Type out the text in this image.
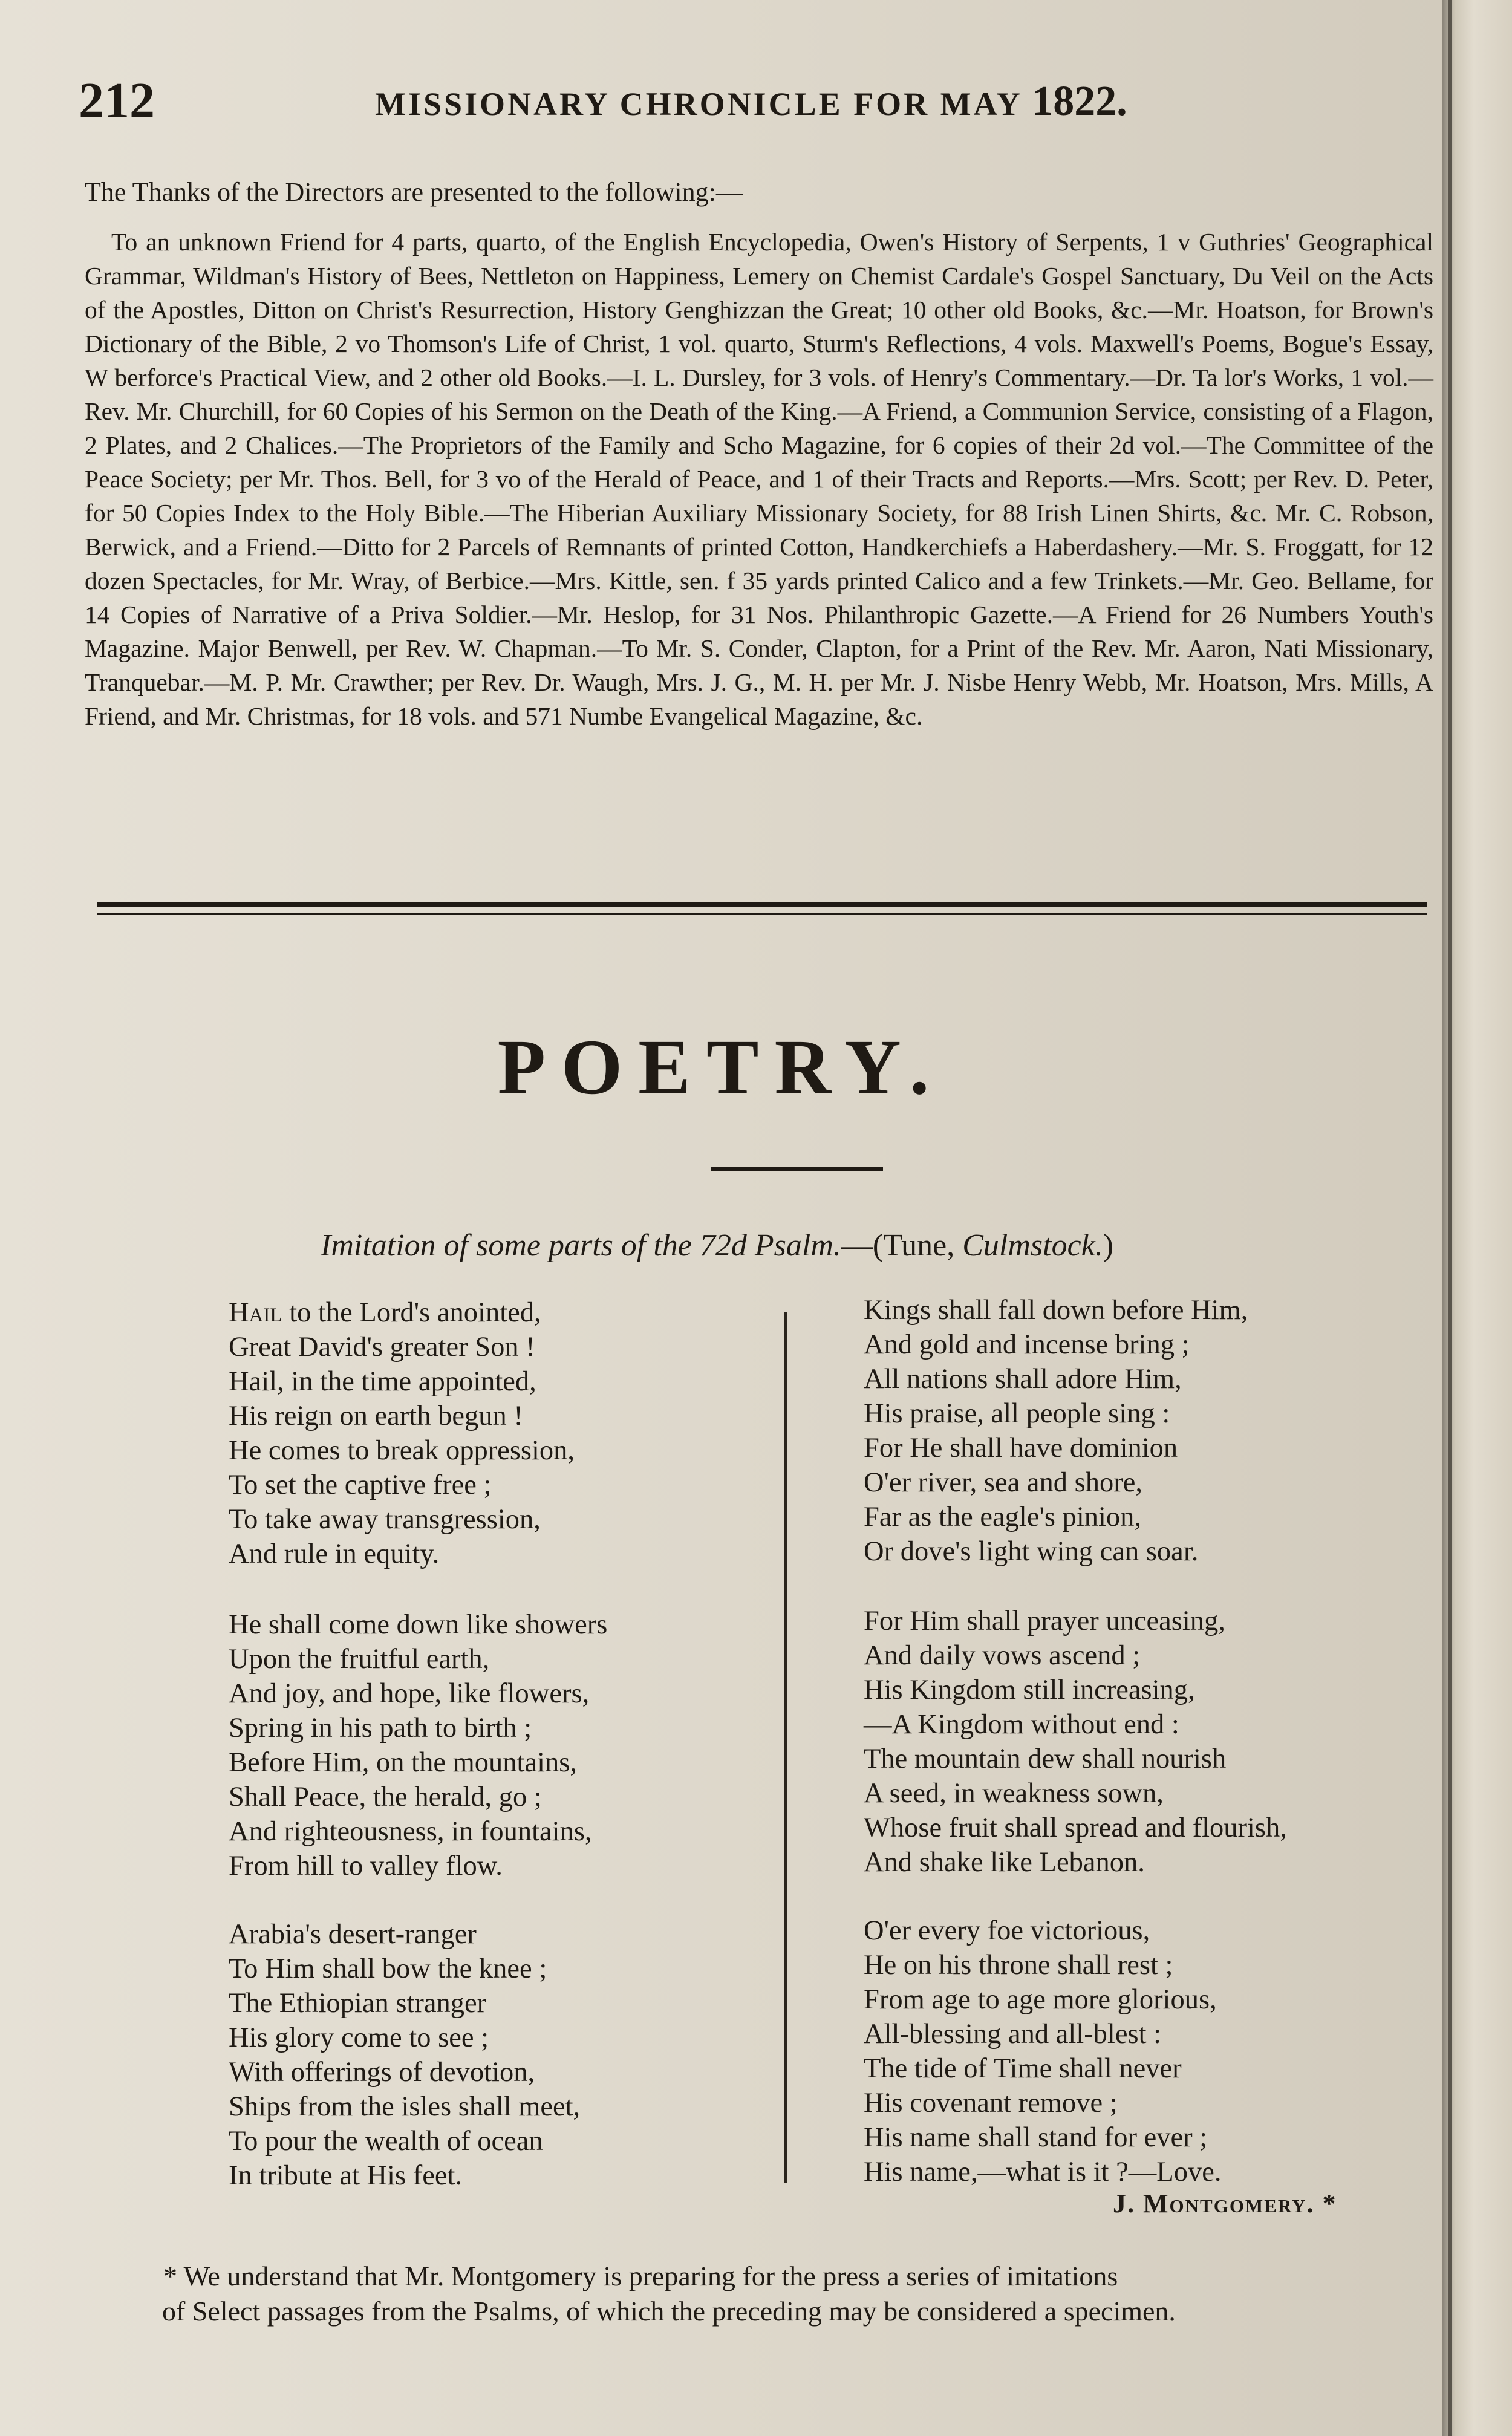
212	MISSIONARY CHRONICLE FOR MAY 1822.
The Thanks of the Directors are presented to the following:—
To an unknown Friend for 4 parts, quarto, of the English Encyclopedia, Owen's History of Serpents, 1 v Guthries' Geographical Grammar, Wildman's History of Bees, Nettleton on Happiness, Lemery on Chemist Cardale's Gospel Sanctuary, Du Veil on the Acts of the Apostles, Ditton on Christ's Resurrection, History Genghizzan the Great; 10 other old Books, &c.—Mr. Hoatson, for Brown's Dictionary of the Bible, 2 vo Thomson's Life of Christ, 1 vol. quarto, Sturm's Reflections, 4 vols. Maxwell's Poems, Bogue's Essay, W berforce's Practical View, and 2 other old Books.—I. L. Dursley, for 3 vols. of Henry's Commentary.—Dr. Ta lor's Works, 1 vol.—Rev. Mr. Churchill, for 60 Copies of his Sermon on the Death of the King.—A Friend, a Communion Service, consisting of a Flagon, 2 Plates, and 2 Chalices.—The Proprietors of the Family and Scho Magazine, for 6 copies of their 2d vol.—The Committee of the Peace Society; per Mr. Thos. Bell, for 3 vo of the Herald of Peace, and 1 of their Tracts and Reports.—Mrs. Scott; per Rev. D. Peter, for 50 Copies Index to the Holy Bible.—The Hiberian Auxiliary Missionary Society, for 88 Irish Linen Shirts, &c. Mr. C. Robson, Berwick, and a Friend.—Ditto for 2 Parcels of Remnants of printed Cotton, Handkerchiefs a Haberdashery.—Mr. S. Froggatt, for 12 dozen Spectacles, for Mr. Wray, of Berbice.—Mrs. Kittle, sen. f 35 yards printed Calico and a few Trinkets.—Mr. Geo. Bellame, for 14 Copies of Narrative of a Priva Soldier.—Mr. Heslop, for 31 Nos. Philanthropic Gazette.—A Friend for 26 Numbers Youth's Magazine. Major Benwell, per Rev. W. Chapman.—To Mr. S. Conder, Clapton, for a Print of the Rev. Mr. Aaron, Nati Missionary, Tranquebar.—M. P. Mr. Crawther; per Rev. Dr. Waugh, Mrs. J. G., M. H. per Mr. J. Nisbe Henry Webb, Mr. Hoatson, Mrs. Mills, A Friend, and Mr. Christmas, for 18 vols. and 571 Numbe Evangelical Magazine, &c.
POETRY.
Imitation of some parts of the 72d Psalm.—(Tune, Culmstock.)
Hail to the Lord's anointed,
Great David's greater Son !
Hail, in the time appointed,
His reign on earth begun !
He comes to break oppression,
To set the captive free ;
To take away transgression,
And rule in equity.
He shall come down like showers
Upon the fruitful earth,
And joy, and hope, like flowers,
Spring in his path to birth ;
Before Him, on the mountains,
Shall Peace, the herald, go ;
And righteousness, in fountains,
From hill to valley flow.
Arabia's desert-ranger
To Him shall bow the knee ;
The Ethiopian stranger
His glory come to see ;
With offerings of devotion,
Ships from the isles shall meet,
To pour the wealth of ocean
In tribute at His feet.
Kings shall fall down before Him,
And gold and incense bring ;
All nations shall adore Him,
His praise, all people sing :
For He shall have dominion
O'er river, sea and shore,
Far as the eagle's pinion,
Or dove's light wing can soar.
For Him shall prayer unceasing,
And daily vows ascend ;
His Kingdom still increasing,
—A Kingdom without end :
The mountain dew shall nourish
A seed, in weakness sown,
Whose fruit shall spread and flourish,
And shake like Lebanon.
O'er every foe victorious,
He on his throne shall rest ;
From age to age more glorious,
All-blessing and all-blest :
The tide of Time shall never
His covenant remove ;
His name shall stand for ever ;
His name,—what is it ?—Love.
J. Montgomery. *
* We understand that Mr. Montgomery is preparing for the press a series of imitations
of Select passages from the Psalms, of which the preceding may be considered a specimen.
